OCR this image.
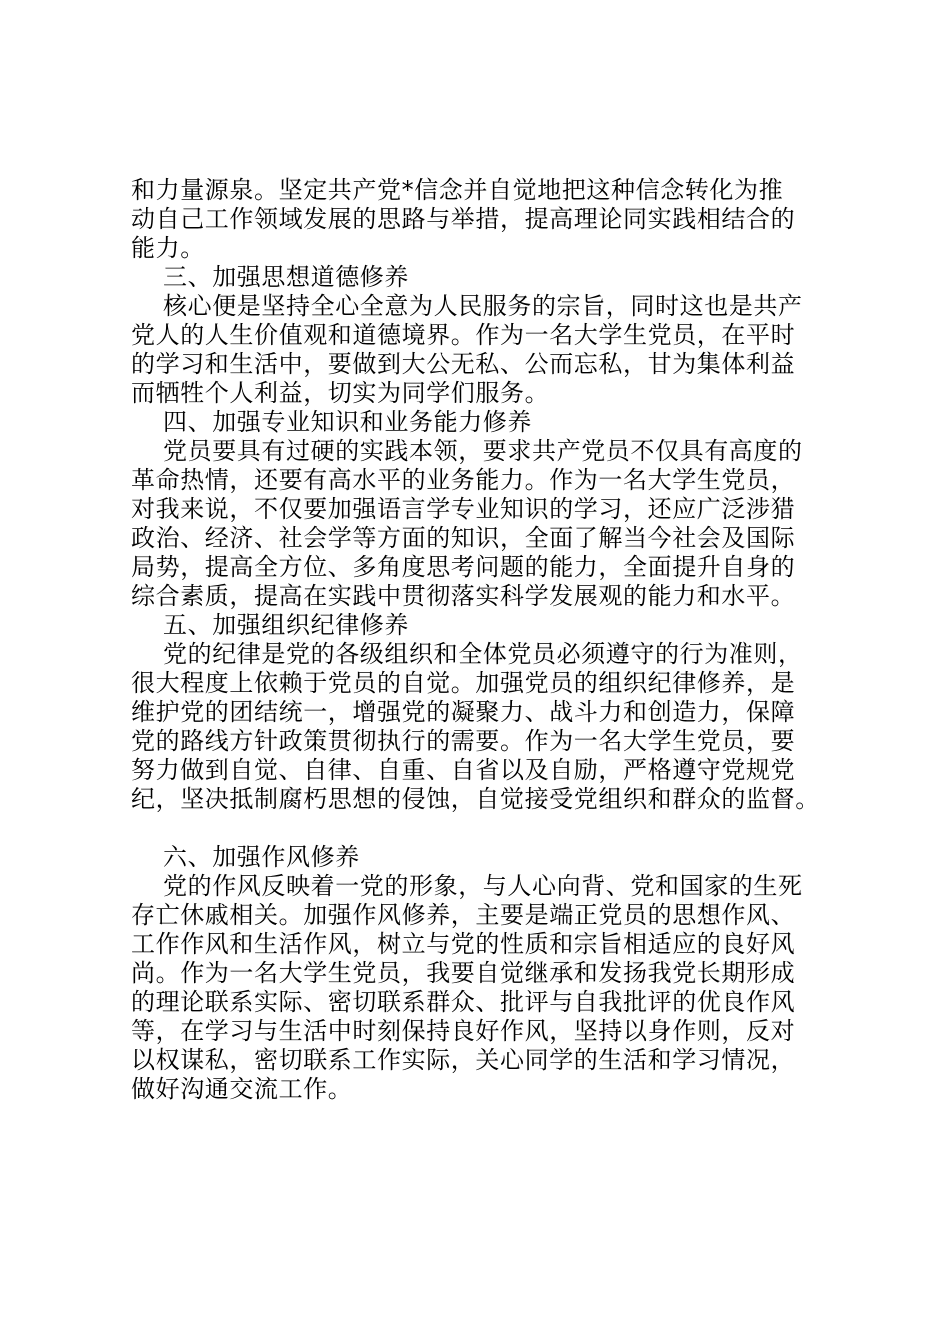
和力量源泉。坚定共产党*信念并自觉地把这种信念转化为推
动自己工作领域发展的思路与举措，提高理论同实践相结合的
能力。
三、加强思想道德修养
核心便是坚持全心全意为人民服务的宗旨，同时这也是共产
党人的人生价值观和道德境界。作为一名大学生党员，在平时
的学习和生活中，要做到大公无私、公而忘私，甘为集体利益
而牺牲个人利益，切实为同学们服务。
四、加强专业知识和业务能力修养
党员要具有过硬的实践本领，要求共产党员不仅具有高度的
革命热情，还要有高水平的业务能力。作为一名大学生党员，
对我来说，不仅要加强语言学专业知识的学习，还应广泛涉猎
政治、经济、社会学等方面的知识，全面了解当今社会及国际
局势，提高全方位、多角度思考问题的能力，全面提升自身的
综合素质，提高在实践中贯彻落实科学发展观的能力和水平。
五、加强组织纪律修养
党的纪律是党的各级组织和全体党员必须遵守的行为准则，
很大程度上依赖于党员的自觉。加强党员的组织纪律修养，是
维护党的团结统一，增强党的凝聚力、战斗力和创造力，保障
党的路线方针政策贯彻执行的需要。作为一名大学生党员，要
努力做到自觉、自律、自重、自省以及自励，严格遵守党规党
纪，坚决抵制腐朽思想的侵蚀，自觉接受党组织和群众的监督。
六、加强作风修养
党的作风反映着一党的形象，与人心向背、党和国家的生死
存亡休戚相关。加强作风修养，主要是端正党员的思想作风、
工作作风和生活作风，树立与党的性质和宗旨相适应的良好风
尚。作为一名大学生党员，我要自觉继承和发扬我党长期形成
的理论联系实际、密切联系群众、批评与自我批评的优良作风
等，在学习与生活中时刻保持良好作风，坚持以身作则，反对
以权谋私，密切联系工作实际，关心同学的生活和学习情况，
做好沟通交流工作。
